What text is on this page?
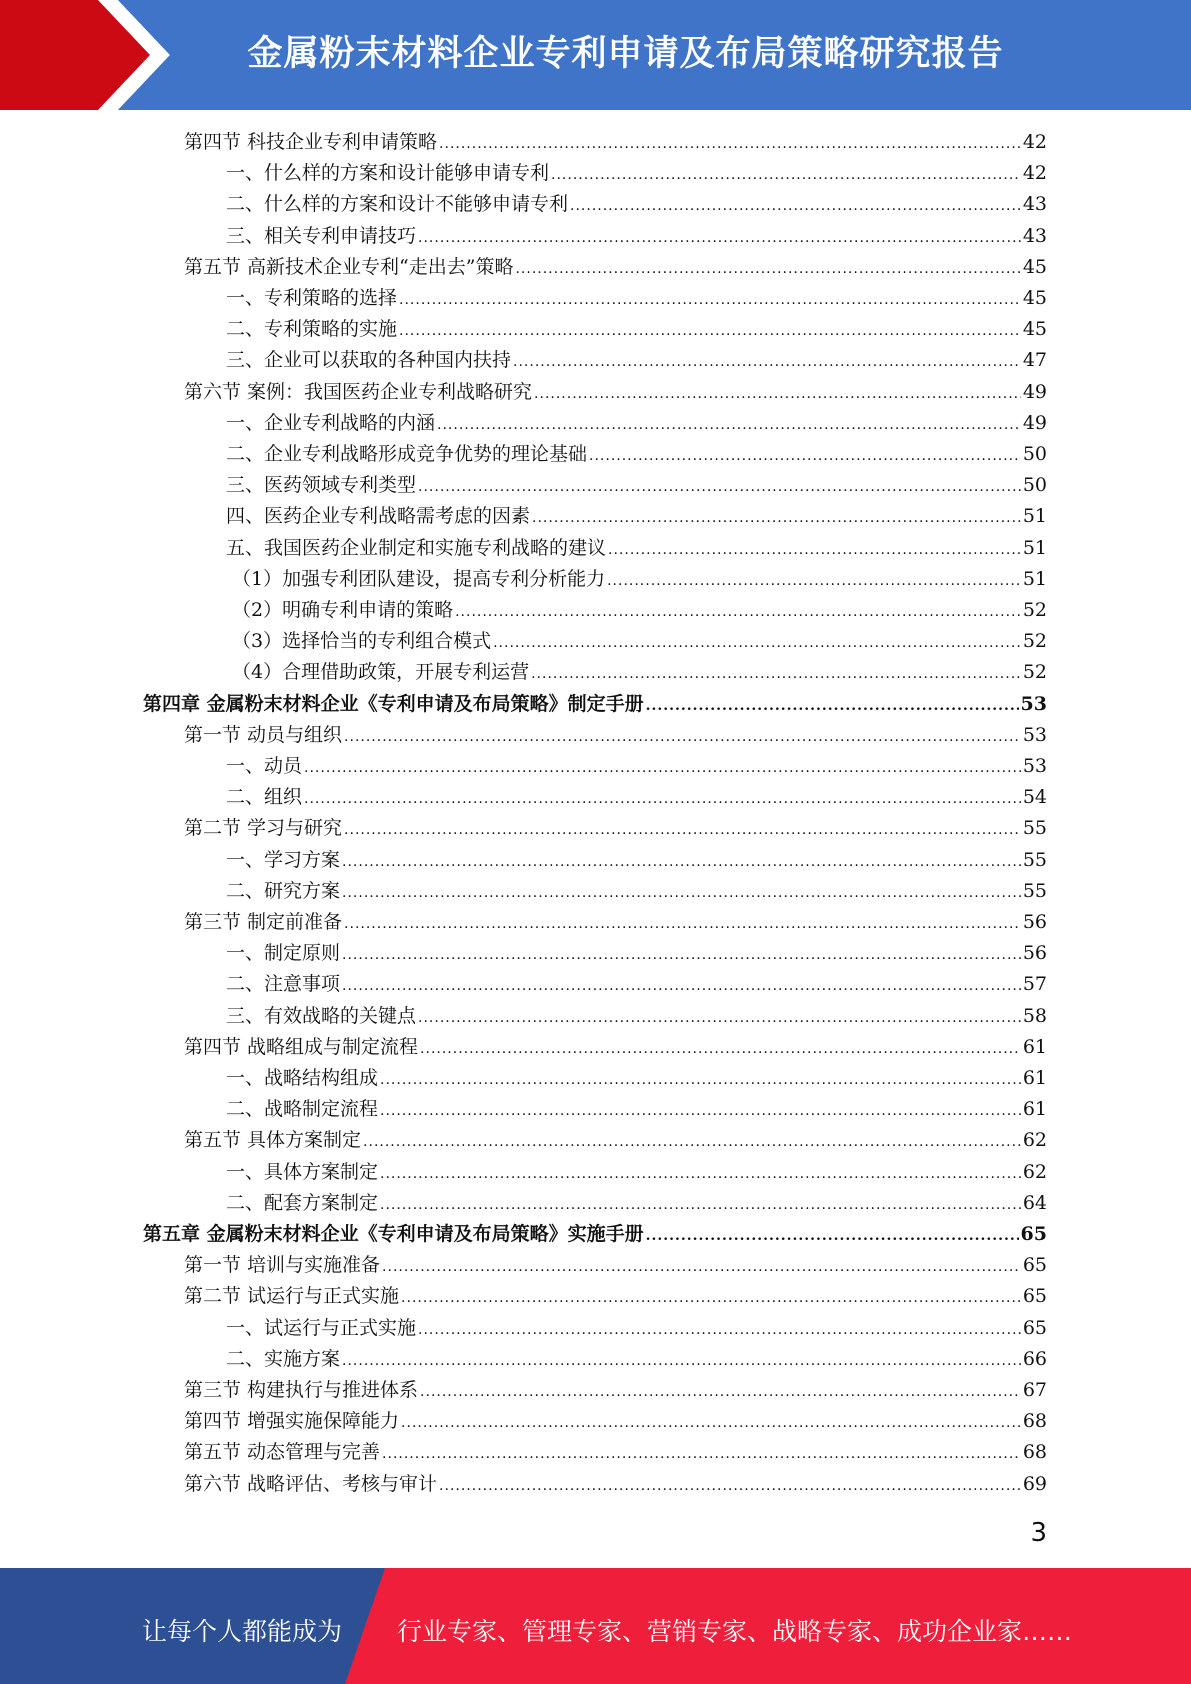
金属粉末材料企业专利申请及布局策略研究报告
第四节 科技企业专利申请策略 .....	42
一、什么样的方案和设计能够申请专利 .....	42
二、什么样的方案和设计不能够申请专利 .....	43
三、相关专利申请技巧 .....	43
第五节 高新技术企业专利“走出去”策略 .....	45
一、专利策略的选择 .....	45
二、专利策略的实施 .....	45
三、企业可以获取的各种国内扶持 .....	47
第六节 案例：我国医药企业专利战略研究 .....	49
一、企业专利战略的内涵 .....	49
二、企业专利战略形成竞争优势的理论基础 .....	50
三、医药领域专利类型 .....	50
四、医药企业专利战略需考虑的因素 .....	51
五、我国医药企业制定和实施专利战略的建议 .....	51
（1）加强专利团队建设，提高专利分析能力 .....	51
（2）明确专利申请的策略 .....	52
（3）选择恰当的专利组合模式 .....	52
（4）合理借助政策，开展专利运营 .....	52
第四章 金属粉末材料企业《专利申请及布局策略》制定手册 .....	53
第一节 动员与组织 .....	53
一、动员 .....	53
二、组织 .....	54
第二节 学习与研究 .....	55
一、学习方案 .....	55
二、研究方案 .....	55
第三节 制定前准备 .....	56
一、制定原则 .....	56
二、注意事项 .....	57
三、有效战略的关键点 .....	58
第四节 战略组成与制定流程 .....	61
一、战略结构组成 .....	61
二、战略制定流程 .....	61
第五节 具体方案制定 .....	62
一、具体方案制定 .....	62
二、配套方案制定 .....	64
第五章 金属粉末材料企业《专利申请及布局策略》实施手册 .....	65
第一节 培训与实施准备 .....	65
第二节 试运行与正式实施 .....	65
一、试运行与正式实施 .....	65
二、实施方案 .....	66
第三节 构建执行与推进体系 .....	67
第四节 增强实施保障能力 .....	68
第五节 动态管理与完善 .....	68
第六节 战略评估、考核与审计 .....	69
3
让每个人都能成为 行业专家、管理专家、营销专家、战略专家、成功企业家……
